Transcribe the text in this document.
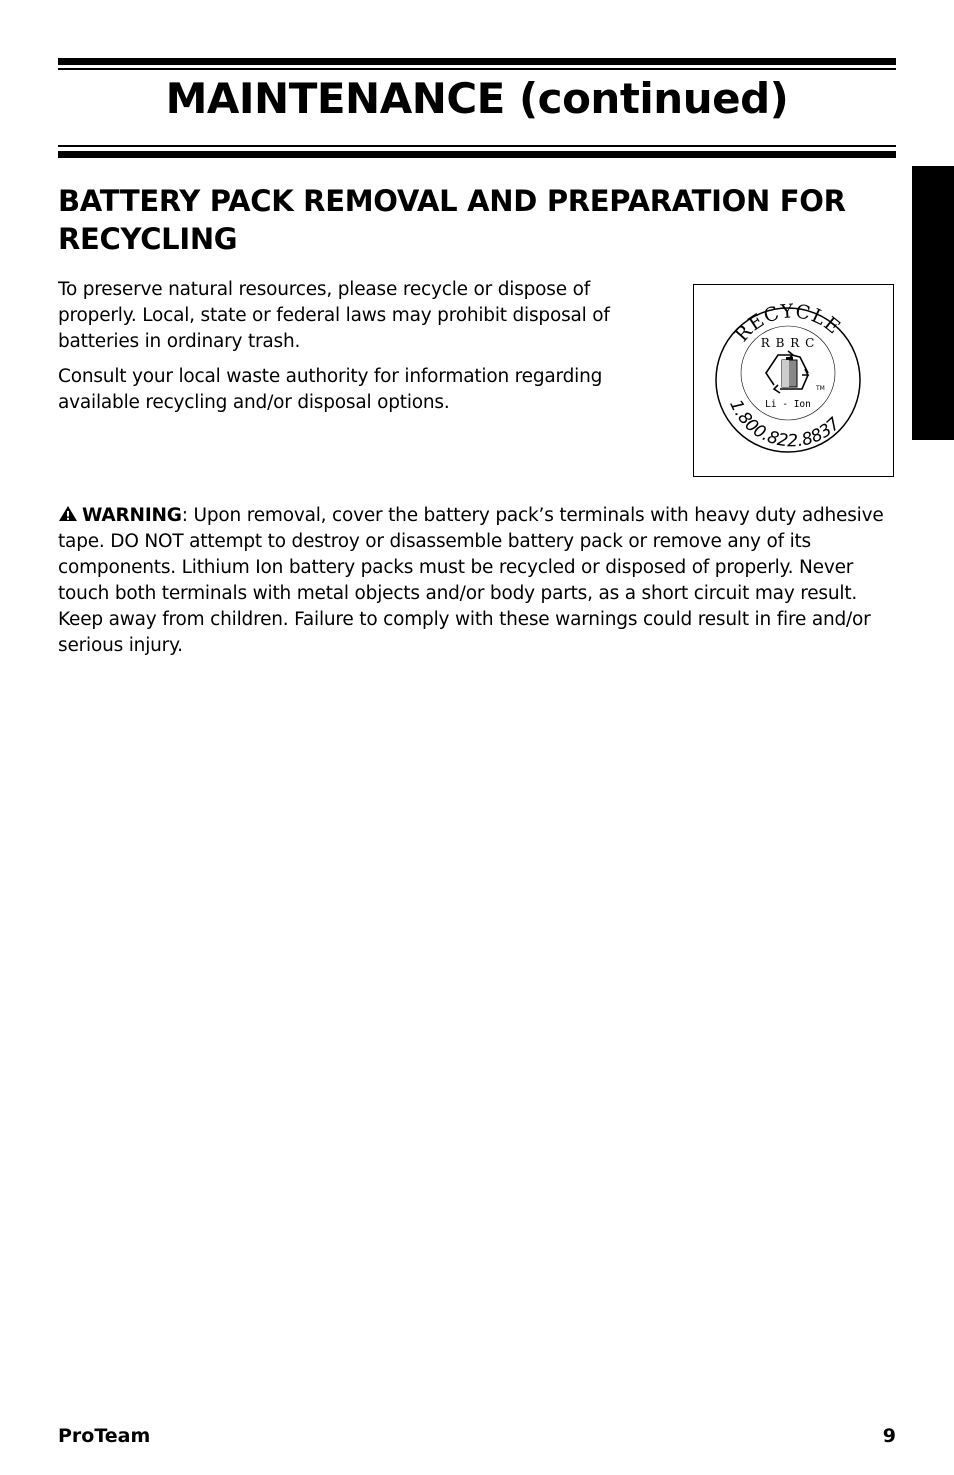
MAINTENANCE (continued)
BATTERY PACK REMOVAL AND PREPARATION FOR RECYCLING

To preserve natural resources, please recycle or dispose of properly. Local, state or federal laws may prohibit disposal of batteries in ordinary trash.

Consult your local waste authority for information regarding available recycling and/or disposal options.

RECYCLE
R B R C
TM
Li - Ion
1.800.822.8837

WARNING: Upon removal, cover the battery pack’s terminals with heavy duty adhesive tape. DO NOT attempt to destroy or disassemble battery pack or remove any of its components. Lithium Ion battery packs must be recycled or disposed of properly. Never touch both terminals with metal objects and/or body parts, as a short circuit may result. Keep away from children. Failure to comply with these warnings could result in fire and/or serious injury.

ProTeam	9
